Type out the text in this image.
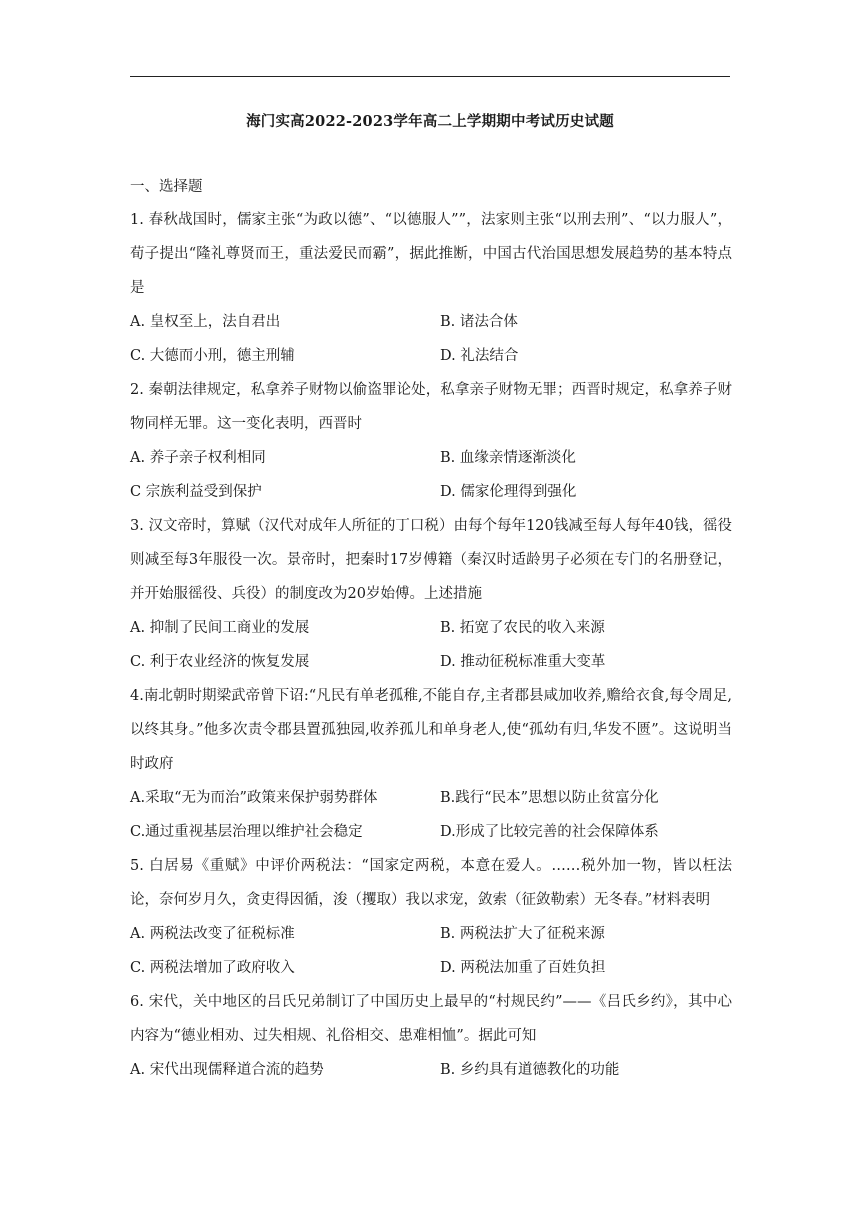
海门实高2022-2023学年高二上学期期中考试历史试题
一、选择题
1. 春秋战国时，儒家主张“为政以德”、“以德服人””，法家则主张“以刑去刑”、“以力服人”，荀子提出“隆礼尊贤而王，重法爱民而霸”，据此推断，中国古代治国思想发展趋势的基本特点是
A. 皇权至上，法自君出	B. 诸法合体
C. 大德而小刑，德主刑辅	D. 礼法结合
2. 秦朝法律规定，私拿养子财物以偷盗罪论处，私拿亲子财物无罪；西晋时规定，私拿养子财物同样无罪。这一变化表明，西晋时
A. 养子亲子权利相同	B. 血缘亲情逐渐淡化
C 宗族利益受到保护	D. 儒家伦理得到强化
3. 汉文帝时，算赋（汉代对成年人所征的丁口税）由每个每年120钱减至每人每年40钱，徭役则减至每3年服役一次。景帝时，把秦时17岁傅籍（秦汉时适龄男子必须在专门的名册登记，并开始服徭役、兵役）的制度改为20岁始傅。上述措施
A. 抑制了民间工商业的发展	B. 拓宽了农民的收入来源
C. 利于农业经济的恢复发展	D. 推动征税标准重大变革
4.南北朝时期梁武帝曾下诏:“凡民有单老孤稚,不能自存,主者郡县咸加收养,赡给衣食,每令周足,以终其身。”他多次责令郡县置孤独园,收养孤儿和单身老人,使“孤幼有归,华发不匮”。这说明当时政府
A.采取“无为而治”政策来保护弱势群体	B.践行“民本”思想以防止贫富分化
C.通过重视基层治理以维护社会稳定	D.形成了比较完善的社会保障体系
5. 白居易《重赋》中评价两税法：“国家定两税，本意在爱人。……税外加一物，皆以枉法论，奈何岁月久，贪吏得因循，浚（攫取）我以求宠，敛索（征敛勒索）无冬春。”材料表明
A. 两税法改变了征税标准	B. 两税法扩大了征税来源
C. 两税法增加了政府收入	D. 两税法加重了百姓负担
6. 宋代，关中地区的吕氏兄弟制订了中国历史上最早的“村规民约”——《吕氏乡约》，其中心内容为“德业相劝、过失相规、礼俗相交、患难相恤”。据此可知
A. 宋代出现儒释道合流的趋势	B. 乡约具有道德教化的功能
